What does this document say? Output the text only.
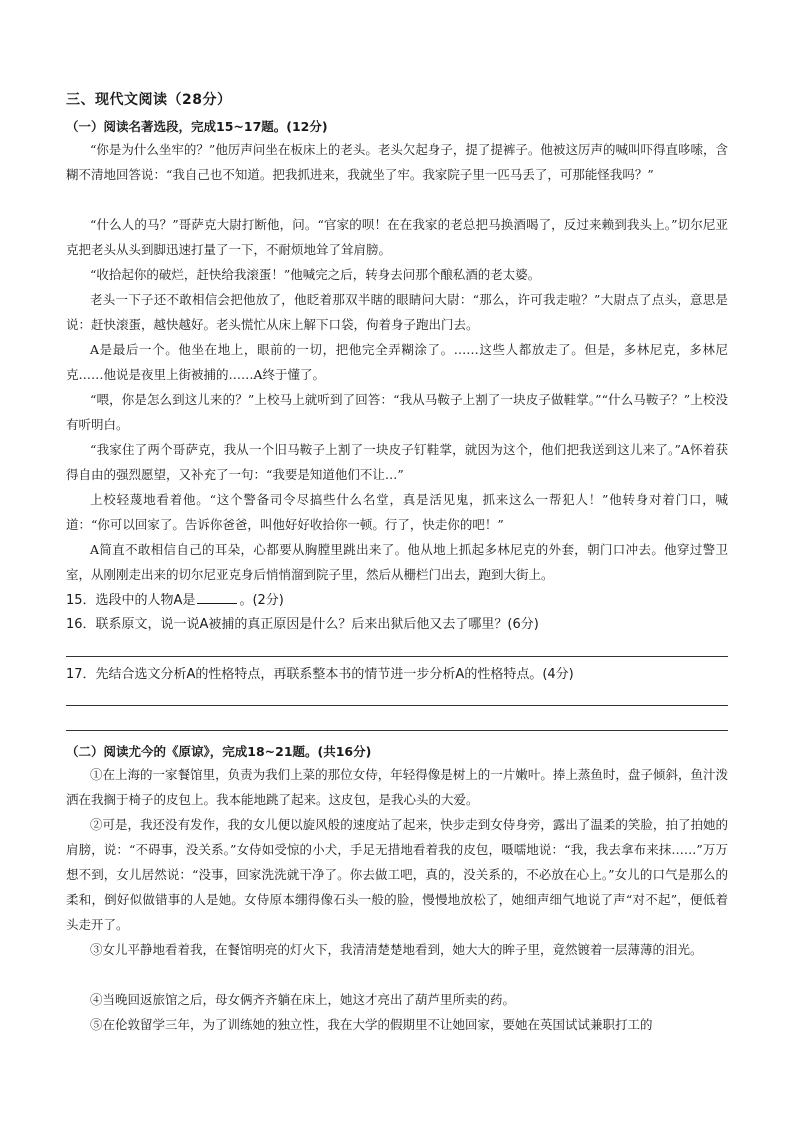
三、现代文阅读（28分）
（一）阅读名著选段，完成15~17题。(12分)

“你是为什么坐牢的？”他厉声问坐在板床上的老头。老头欠起身子，提了提裤子。他被这厉声的喊叫吓得直哆嗦，含糊不清地回答说：“我自己也不知道。把我抓进来，我就坐了牢。我家院子里一匹马丢了，可那能怪我吗？”

“什么人的马？”哥萨克大尉打断他，问。“官家的呗！在在我家的老总把马换酒喝了，反过来赖到我头上。”切尔尼亚克把老头从头到脚迅速打量了一下，不耐烦地耸了耸肩膀。

“收拾起你的破烂，赶快给我滚蛋！”他喊完之后，转身去问那个酿私酒的老太婆。

老头一下子还不敢相信会把他放了，他眨着那双半瞎的眼睛问大尉：“那么，许可我走啦？”大尉点了点头，意思是说：赶快滚蛋，越快越好。老头慌忙从床上解下口袋，佝着身子跑出门去。

A是最后一个。他坐在地上，眼前的一切，把他完全弄糊涂了。……这些人都放走了。但是，多林尼克，多林尼克……他说是夜里上街被捕的……A终于懂了。

“喂，你是怎么到这儿来的？”上校马上就听到了回答：“我从马鞍子上割了一块皮子做鞋掌。”“什么马鞍子？”上校没有听明白。

“我家住了两个哥萨克，我从一个旧马鞍子上割了一块皮子钉鞋掌，就因为这个，他们把我送到这儿来了。”A怀着获得自由的强烈愿望，又补充了一句：“我要是知道他们不让…”

上校轻蔑地看着他。“这个警备司令尽搞些什么名堂，真是活见鬼，抓来这么一帮犯人！”他转身对着门口，喊道：“你可以回家了。告诉你爸爸，叫他好好收拾你一顿。行了，快走你的吧！”

A简直不敢相信自己的耳朵，心都要从胸膛里跳出来了。他从地上抓起多林尼克的外套，朝门口冲去。他穿过警卫室，从刚刚走出来的切尔尼亚克身后悄悄溜到院子里，然后从栅栏门出去，跑到大街上。

15．选段中的人物A是	。(2分)

16．联系原文，说一说A被捕的真正原因是什么？后来出狱后他又去了哪里？(6分)

17．先结合选文分析A的性格特点，再联系整本书的情节进一步分析A的性格特点。(4分)

（二）阅读尤今的《原谅》，完成18~21题。(共16分)

①在上海的一家餐馆里，负责为我们上菜的那位女侍，年轻得像是树上的一片嫩叶。捧上蒸鱼时，盘子倾斜，鱼汁泼洒在我搁于椅子的皮包上。我本能地跳了起来。这皮包，是我心头的大爱。

②可是，我还没有发作，我的女儿便以旋风般的速度站了起来，快步走到女侍身旁，露出了温柔的笑脸，拍了拍她的肩膀，说：“不碍事，没关系。”女侍如受惊的小犬，手足无措地看着我的皮包，嗫嚅地说：“我，我去拿布来抹……”万万想不到，女儿居然说：“没事，回家洗洗就干净了。你去做工吧，真的，没关系的，不必放在心上。”女儿的口气是那么的柔和，倒好似做错事的人是她。女侍原本绷得像石头一般的脸，慢慢地放松了，她细声细气地说了声“对不起”，便低着头走开了。

③女儿平静地看着我，在餐馆明亮的灯火下，我清清楚楚地看到，她大大的眸子里，竟然镀着一层薄薄的泪光。

④当晚回返旅馆之后，母女俩齐齐躺在床上，她这才亮出了葫芦里所卖的药。

⑤在伦敦留学三年，为了训练她的独立性，我在大学的假期里不让她回家，要她在英国试试兼职打工的
